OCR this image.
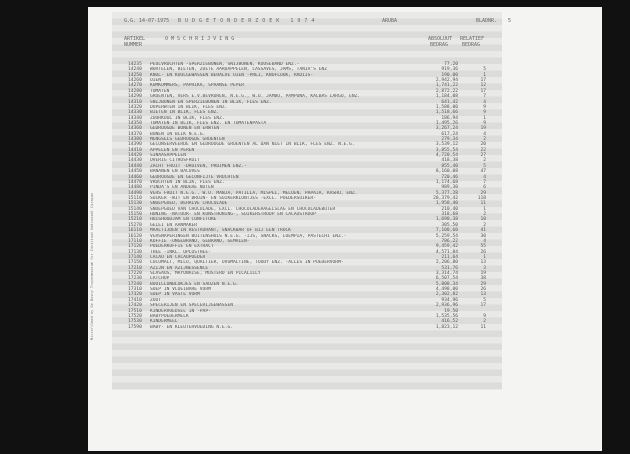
Microfilmed by De Bosny Tropenmuseum for Instituut Nationaal Curaçao
G.G. 14-07-1975 B U D G E T O N D E R Z O E K   1 9 7 4	ARUBA	BLADNR. 5
ARTIKEL
NUMMER
O M S C H R I J V I N G	ABSOLUUT
BEDRAG
RELATIEF
BEDRAG
14235 PEULVRUCHTEN -SPERZIEBONEN, SNIJBONEN, KOUSEBAND ENZ.-	77,20
14240 WORTELEN, BIETEN, ZOETE AARDAPPELEN, CASSAVES, JAMS, TANIA'S ENZ	919,36	5
14250 KNOL- EN KOOLGEWASSEN BEHALVE UIEN -PREI, KNOFLOOK, RADIJS-	190,00	1
14260 UIEN	2,942,94	17
14270 KOMKOMMERS, PAPRIKA, SPAANSE PEPER	1,741,22	12
14280 TOMATEN	2,872,22	17
14290 GROENTEN, VERS E.V.BEVROREN, N.E.G., W.O. JAMBO, PAMPUNA, KALBAS LARGU, ENZ.	1,184,08	7
14310 SNIJBONEN EN SPERZIEBONEN IN BLIK, FLES ENZ.	641,42	4
14320 DOPERWTEN IN BLIK, FLES ENZ.	1,588,00	9
14330 BIETEN IN BLIK, FLES ENZ.	1,518,66	9
14340 ZUURKOOL IN BLIK, FLES ENZ.	186,94	1
14350 TOMATEN IN BLIK, FLES ENZ. EN TOMATENPASTA	1,495,26	9
14360 GEDROOGDE BONEN EN ERWTEN	3,267,24	19
14370 BONEN IN BLIK N.E.G.	617,24	4
14380 MENGSELS GEDROOGDE GROENTEN	279,34	2
14390 GECONSERVEERDE EN GEDROOGDE GROENTEN AL DAN NIET IN BLIK, FLES ENZ. N.E.G.	3,539,12	20
14410 APPELEN EN PEREN	3,855,54	22
14420 SINAASAPPELEN	4,720,54	27
14430 OVERIG CITRUSFRUIT	418,38	2
14440 ZACHT FRUIT -DRUIVEN, PRUIMEN ENZ.-	855,40	5
14450 BANANEN EN BACOVES	8,160,08	47
14460 GEDROOGDE EN GECONFIJTE VRUCHTEN	720,46	4
14470 VRUCHTEN IN BLIK, FLES ENZ.	1,174,68	7
14480 PINDA'S EN ANDERE NOTEN	989,30	6
14490 VERS FRUIT N.E.G., W.O. MANJA, PATILLA, MISPEL, MELOEN, PAPAJA, KASHU, ENZ.	5,377,28	29
15110 SUIKER -WIT EN BRUIN- EN SUIKERKLONTJES -EXCL. POEDERSUIKER-	20,379,42	118
15130 SNOEPGOED, BEHALVE CHOCOLADE	1,958,40	11
15140 SNOEPGOED VAN CHOCOLADE, EXCL. CHOCOLADEHAGELSLAG EN CHOCOLADEBOTER	210,40	1
15150 HONING -NATUUR- EN KUNSTHONING-, SUIKERSTROOP EN CACAOSTROOP	318,68	2
15210 HUISHOUDJAM EN CONFITURE	1,690,38	10
15270 GELEI EN AANMAKER	305,50	2
16110 MAALTIJDEN IN RESTAURANT, SNACKBAR OF BIJ EEN TRUCK	7,100,60	41
16120 VERSNAPERINGEN BUITENSHUIS N.E.G. -IJS, SNACKS, LOEMPIA, PASTECHI ENZ.-	5,259,54	30
17110 KOFFIE -ONGEBRAND, GEBRAND, GEMALEN-	786,22	4
17120 POEDERKOFFIE EN EXTRACT	9,459,42	55
17130 THEE -INKL. OPLOSTHEE-	4,571,84	26
17140 CACAO EN CACAOPOEDER	211,64	1
17150 COCOMALT, MILO, QUALTIER, OVOMALTINE, TOODY ENZ. -ALLES IN POEDERVORM-	2,206,80	13
17210 AZIJN EN AZIJNESSENCE	531,76	3
17220 SLASAUS, MAYONAISE, MOSTERD EN PICALILLY	3,314,74	19
17230 CATCHUP	6,507,54	38
17240 BOUILLONBLOKJES EN SAUZEN N.E.G.	5,008,34	29
17310 SOEP IN VLOEIBARE VORM	4,498,00	26
17320 SOEP IN VASTE VORM	2,302,82	13
17410 ZOUT	934,96	5
17420 SPECERIJEN EN SPECERIJGEWASSEN	2,936,96	17
17510 KINDERVOEDSEL IN -PAP-	19,50
17520 BABYPOEDERMELK	1,535,56	9
17530 KINDERMEEL	416,52	2
17590 BABY- EN KLEUTERVOEDING N.E.G.	1,823,12	11
